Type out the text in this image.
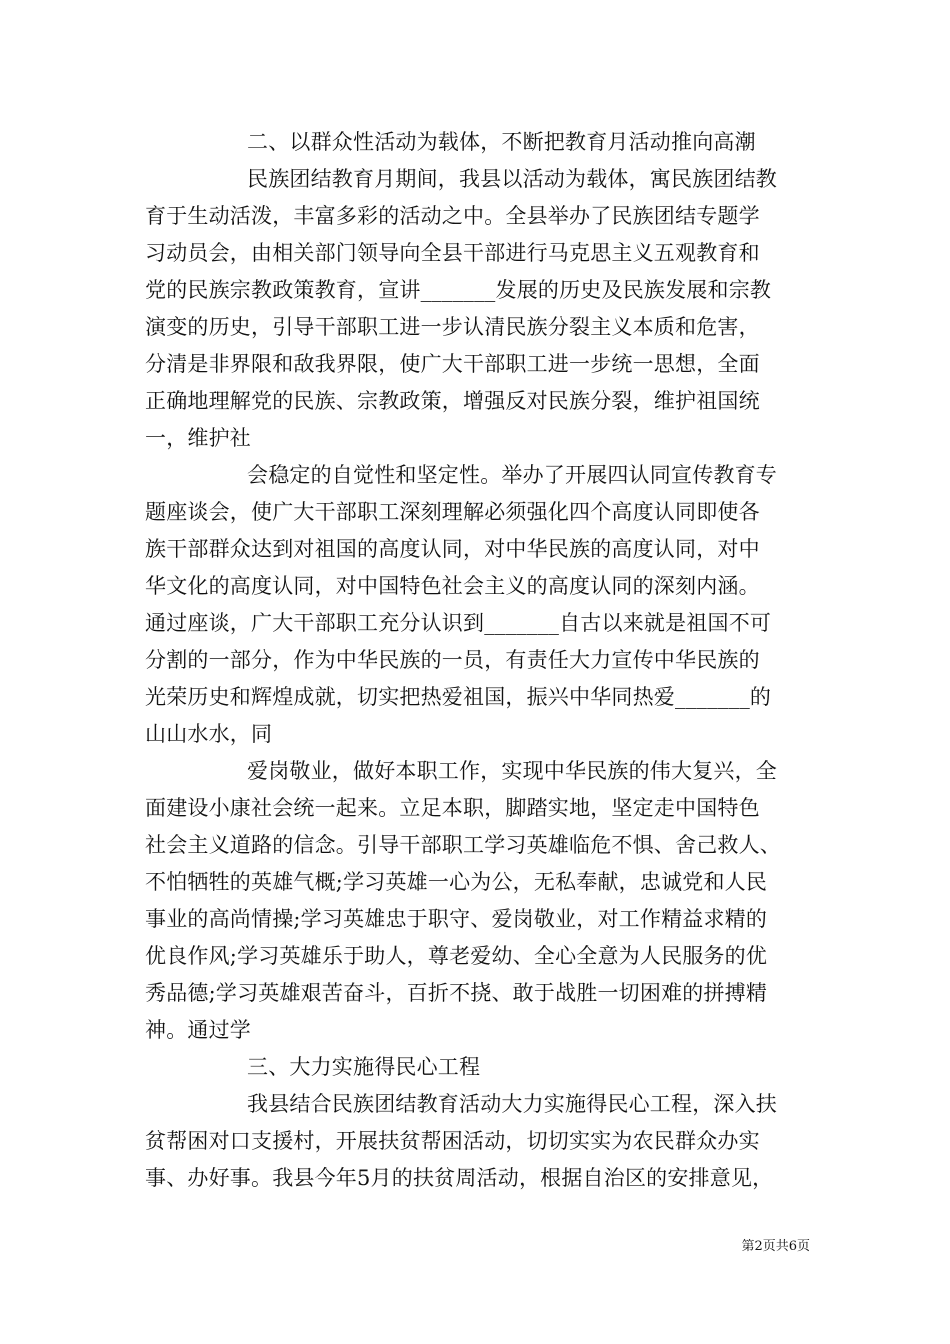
二、以群众性活动为载体，不断把教育月活动推向高潮
民族团结教育月期间，我县以活动为载体，寓民族团结教
育于生动活泼，丰富多彩的活动之中。全县举办了民族团结专题学
习动员会，由相关部门领导向全县干部进行马克思主义五观教育和
党的民族宗教政策教育，宣讲_______发展的历史及民族发展和宗教
演变的历史，引导干部职工进一步认清民族分裂主义本质和危害，
分清是非界限和敌我界限，使广大干部职工进一步统一思想，全面
正确地理解党的民族、宗教政策，增强反对民族分裂，维护祖国统
一，维护社
会稳定的自觉性和坚定性。举办了开展四认同宣传教育专
题座谈会，使广大干部职工深刻理解必须强化四个高度认同即使各
族干部群众达到对祖国的高度认同，对中华民族的高度认同，对中
华文化的高度认同，对中国特色社会主义的高度认同的深刻内涵。
通过座谈，广大干部职工充分认识到_______自古以来就是祖国不可
分割的一部分，作为中华民族的一员，有责任大力宣传中华民族的
光荣历史和辉煌成就，切实把热爱祖国，振兴中华同热爱_______的
山山水水，同
爱岗敬业，做好本职工作，实现中华民族的伟大复兴，全
面建设小康社会统一起来。立足本职，脚踏实地，坚定走中国特色
社会主义道路的信念。引导干部职工学习英雄临危不惧、舍己救人、
不怕牺牲的英雄气概;学习英雄一心为公，无私奉献，忠诚党和人民
事业的高尚情操;学习英雄忠于职守、爱岗敬业，对工作精益求精的
优良作风;学习英雄乐于助人，尊老爱幼、全心全意为人民服务的优
秀品德;学习英雄艰苦奋斗，百折不挠、敢于战胜一切困难的拼搏精
神。通过学
三、大力实施得民心工程
我县结合民族团结教育活动大力实施得民心工程，深入扶
贫帮困对口支援村，开展扶贫帮困活动，切切实实为农民群众办实
事、办好事。我县今年5月的扶贫周活动，根据自治区的安排意见，
第2页共6页
